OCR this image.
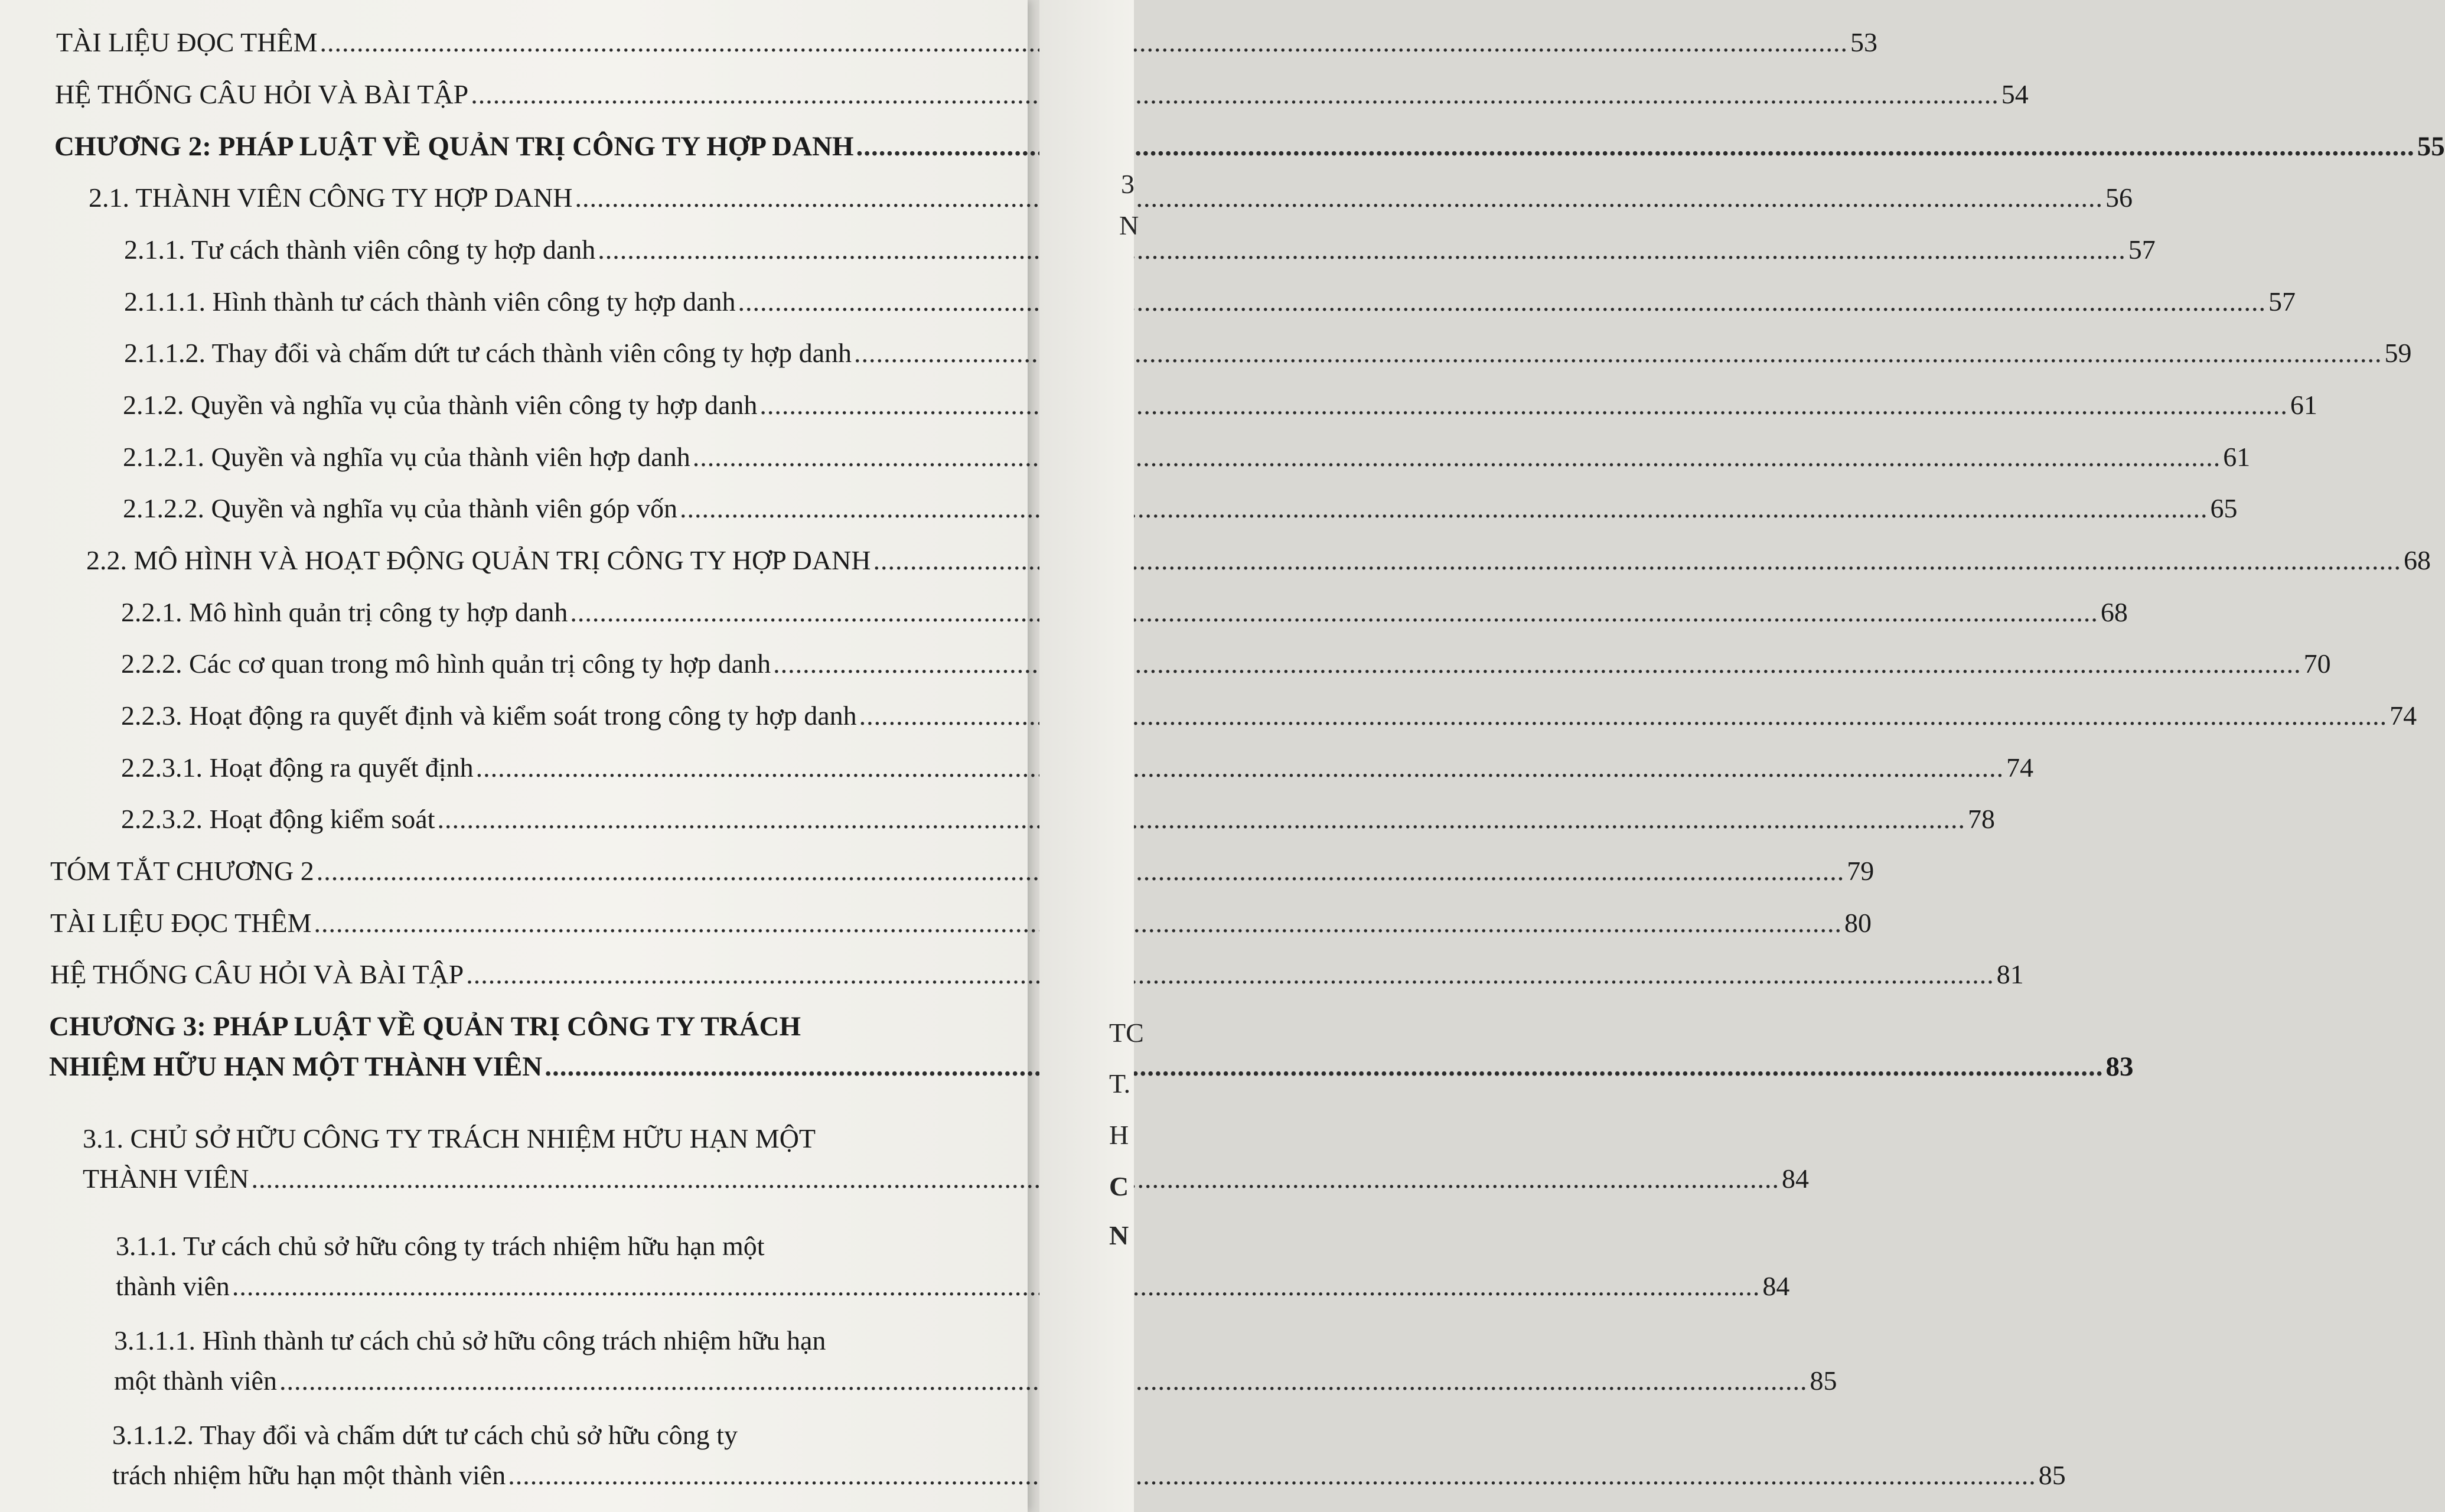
TÀI LIỆU ĐỌC THÊM .....	53
HỆ THỐNG CÂU HỎI VÀ BÀI TẬP .....	54
CHƯƠNG 2: PHÁP LUẬT VỀ QUẢN TRỊ CÔNG TY HỢP DANH .....	55
2.1. THÀNH VIÊN CÔNG TY HỢP DANH .....	56
2.1.1. Tư cách thành viên công ty hợp danh .....	57
2.1.1.1. Hình thành tư cách thành viên công ty hợp danh .....	57
2.1.1.2. Thay đổi và chấm dứt tư cách thành viên công ty hợp danh .....	59
2.1.2. Quyền và nghĩa vụ của thành viên công ty hợp danh .....	61
2.1.2.1. Quyền và nghĩa vụ của thành viên hợp danh .....	61
2.1.2.2. Quyền và nghĩa vụ của thành viên góp vốn .....	65
2.2. MÔ HÌNH VÀ HOẠT ĐỘNG QUẢN TRỊ CÔNG TY HỢP DANH .....	68
2.2.1. Mô hình quản trị công ty hợp danh .....	68
2.2.2. Các cơ quan trong mô hình quản trị công ty hợp danh .....	70
2.2.3. Hoạt động ra quyết định và kiểm soát trong công ty hợp danh .....	74
2.2.3.1. Hoạt động ra quyết định .....	74
2.2.3.2. Hoạt động kiểm soát .....	78
TÓM TẮT CHƯƠNG 2 .....	79
TÀI LIỆU ĐỌC THÊM .....	80
HỆ THỐNG CÂU HỎI VÀ BÀI TẬP .....	81
CHƯƠNG 3: PHÁP LUẬT VỀ QUẢN TRỊ CÔNG TY TRÁCH
NHIỆM HỮU HẠN MỘT THÀNH VIÊN .....	83
3.1. CHỦ SỞ HỮU CÔNG TY TRÁCH NHIỆM HỮU HẠN MỘT
THÀNH VIÊN .....	84
3.1.1. Tư cách chủ sở hữu công ty trách nhiệm hữu hạn một
thành viên .....	84
3.1.1.1. Hình thành tư cách chủ sở hữu công trách nhiệm hữu hạn
một thành viên .....	85
3.1.1.2. Thay đổi và chấm dứt tư cách chủ sở hữu công ty
trách nhiệm hữu hạn một thành viên .....	85
3
N
TC
T.
H
C
N
